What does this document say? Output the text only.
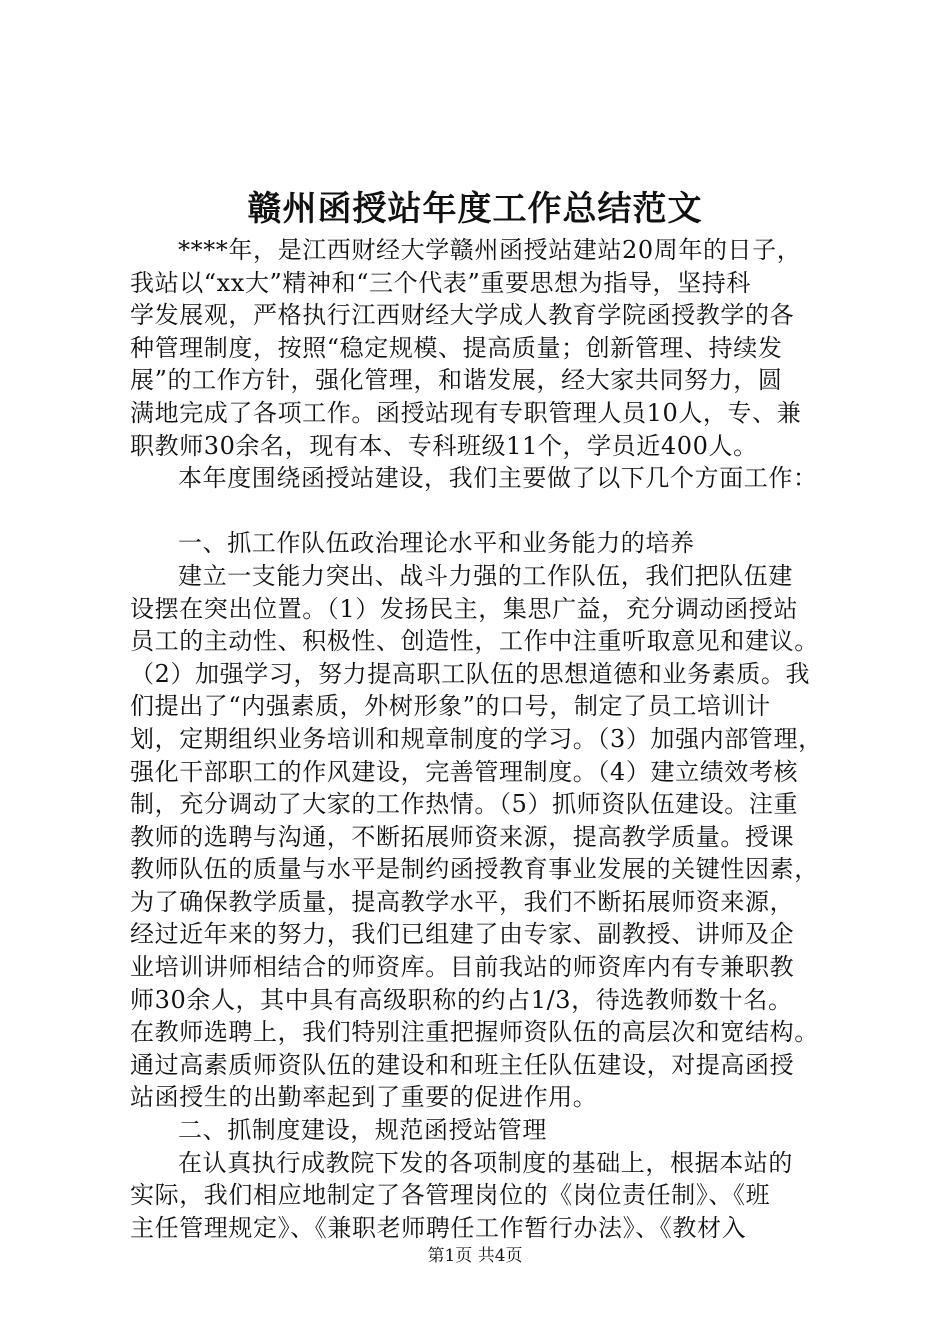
赣州函授站年度工作总结范文
****年，是江西财经大学赣州函授站建站20周年的日子，
我站以“xx大”精神和“三个代表”重要思想为指导，坚持科
学发展观，严格执行江西财经大学成人教育学院函授教学的各
种管理制度，按照“稳定规模、提高质量；创新管理、持续发
展”的工作方针，强化管理，和谐发展，经大家共同努力，圆
满地完成了各项工作。函授站现有专职管理人员10人，专、兼
职教师30余名，现有本、专科班级11个，学员近400人。
本年度围绕函授站建设，我们主要做了以下几个方面工作：
一、抓工作队伍政治理论水平和业务能力的培养
建立一支能力突出、战斗力强的工作队伍，我们把队伍建
设摆在突出位置。（1）发扬民主，集思广益，充分调动函授站
员工的主动性、积极性、创造性，工作中注重听取意见和建议。
（2）加强学习，努力提高职工队伍的思想道德和业务素质。我
们提出了“内强素质，外树形象”的口号，制定了员工培训计
划，定期组织业务培训和规章制度的学习。（3）加强内部管理，
强化干部职工的作风建设，完善管理制度。（4）建立绩效考核
制，充分调动了大家的工作热情。（5）抓师资队伍建设。注重
教师的选聘与沟通，不断拓展师资来源，提高教学质量。授课
教师队伍的质量与水平是制约函授教育事业发展的关键性因素，
为了确保教学质量，提高教学水平，我们不断拓展师资来源，
经过近年来的努力，我们已组建了由专家、副教授、讲师及企
业培训讲师相结合的师资库。目前我站的师资库内有专兼职教
师30余人，其中具有高级职称的约占1/3，待选教师数十名。
在教师选聘上，我们特别注重把握师资队伍的高层次和宽结构。
通过高素质师资队伍的建设和和班主任队伍建设，对提高函授
站函授生的出勤率起到了重要的促进作用。
二、抓制度建设，规范函授站管理
在认真执行成教院下发的各项制度的基础上，根据本站的
实际，我们相应地制定了各管理岗位的《岗位责任制》、《班
主任管理规定》、《兼职老师聘任工作暂行办法》、《教材入
第1页 共4页
